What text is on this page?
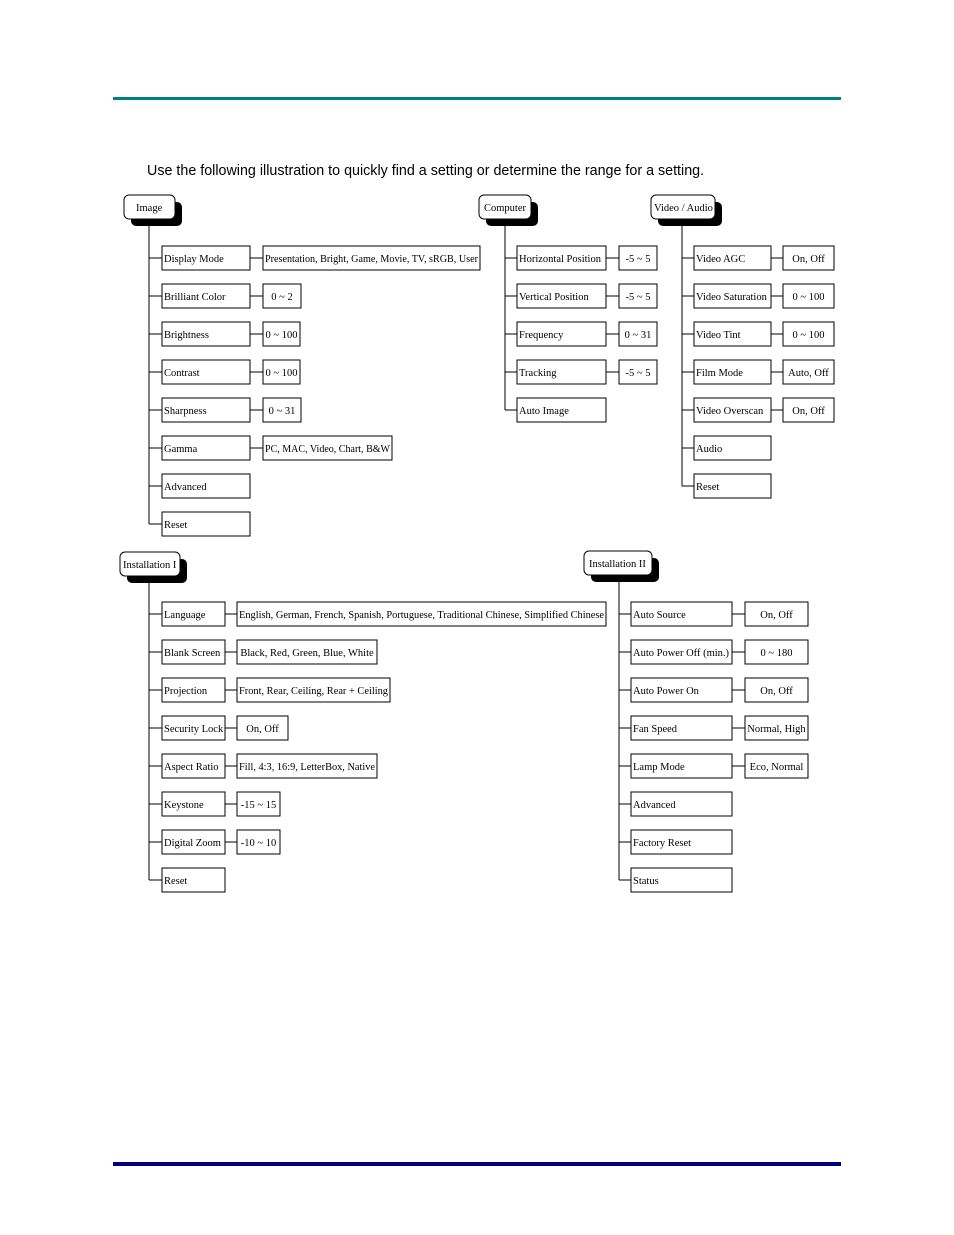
Use the following illustration to quickly find a setting or determine the range for a setting.
Image
Display Mode	Presentation, Bright, Game, Movie, TV, sRGB, User
Brilliant Color	0 ~ 2
Brightness	0 ~ 100
Contrast	0 ~ 100
Sharpness	0 ~ 31
Gamma	PC, MAC, Video, Chart, B&W
Advanced
Reset
Computer
Horizontal Position -5 ~ 5
Vertical Position	-5 ~ 5
Frequency	0 ~ 31
Tracking	-5 ~ 5
Auto Image
Video / Audio
Video AGC	On, Off
Video Saturation 0 ~ 100
Video Tint	0 ~ 100
Film Mode	Auto, Off
Video Overscan	On, Off
Audio
Reset
Installation I
Language	English, German, French, Spanish, Portuguese, Traditional Chinese, Simplified Chinese
Blank Screen Black, Red, Green, Blue, White
Projection	Front, Rear, Ceiling, Rear + Ceiling
Security Lock On, Off
Aspect Ratio Fill, 4:3, 16:9, LetterBox, Native
Keystone	-15 ~ 15
Digital Zoom -10 ~ 10
Reset
Installation II
Auto Source	On, Off
Auto Power Off (min.)	0 ~ 180
Auto Power On	On, Off
Fan Speed	Normal, High
Lamp Mode	Eco, Normal
Advanced
Factory Reset
Status
